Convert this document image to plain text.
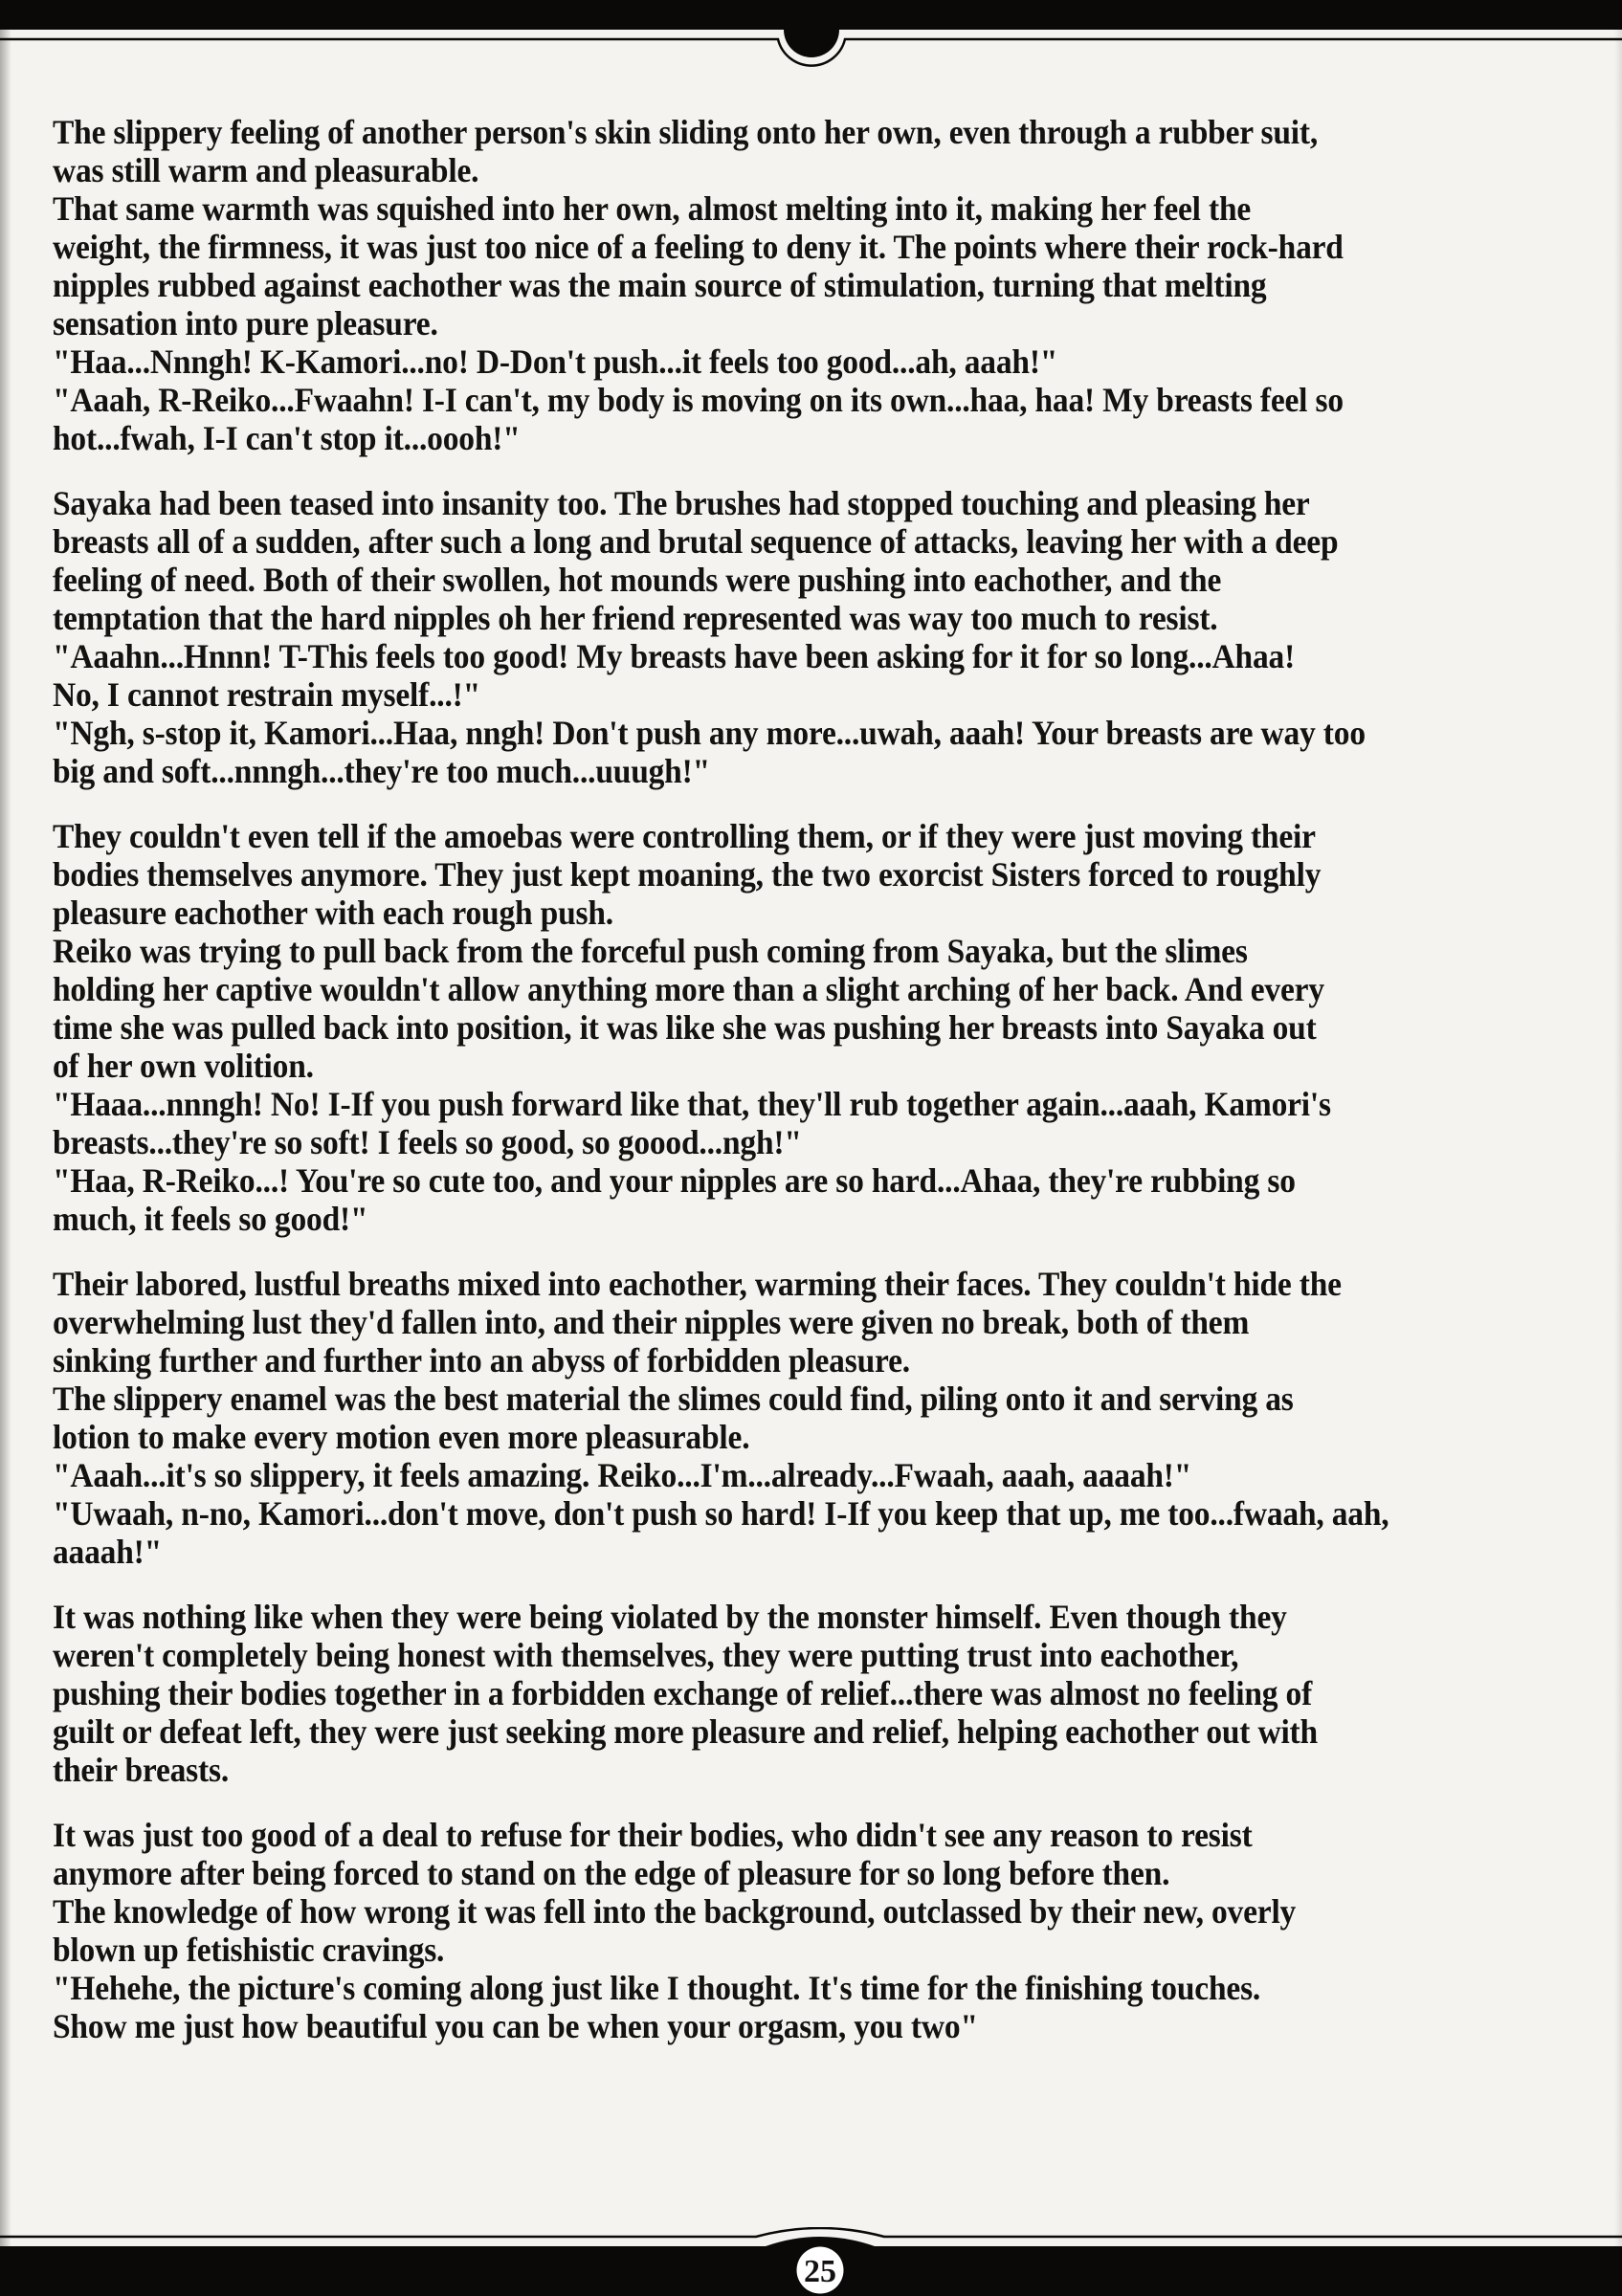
The slippery feeling of another person's skin sliding onto her own, even through a rubber suit,
was still warm and pleasurable.
That same warmth was squished into her own, almost melting into it, making her feel the
weight, the firmness, it was just too nice of a feeling to deny it. The points where their rock-hard
nipples rubbed against eachother was the main source of stimulation, turning that melting
sensation into pure pleasure.
"Haa...Nnngh! K-Kamori...no! D-Don't push...it feels too good...ah, aaah!"
"Aaah, R-Reiko...Fwaahn! I-I can't, my body is moving on its own...haa, haa! My breasts feel so
hot...fwah, I-I can't stop it...oooh!"
Sayaka had been teased into insanity too. The brushes had stopped touching and pleasing her
breasts all of a sudden, after such a long and brutal sequence of attacks, leaving her with a deep
feeling of need. Both of their swollen, hot mounds were pushing into eachother, and the
temptation that the hard nipples oh her friend represented was way too much to resist.
"Aaahn...Hnnn! T-This feels too good! My breasts have been asking for it for so long...Ahaa!
No, I cannot restrain myself...!"
"Ngh, s-stop it, Kamori...Haa, nngh! Don't push any more...uwah, aaah! Your breasts are way too
big and soft...nnngh...they're too much...uuugh!"
They couldn't even tell if the amoebas were controlling them, or if they were just moving their
bodies themselves anymore. They just kept moaning, the two exorcist Sisters forced to roughly
pleasure eachother with each rough push.
Reiko was trying to pull back from the forceful push coming from Sayaka, but the slimes
holding her captive wouldn't allow anything more than a slight arching of her back. And every
time she was pulled back into position, it was like she was pushing her breasts into Sayaka out
of her own volition.
"Haaa...nnngh! No! I-If you push forward like that, they'll rub together again...aaah, Kamori's
breasts...they're so soft! I feels so good, so goood...ngh!"
"Haa, R-Reiko...! You're so cute too, and your nipples are so hard...Ahaa, they're rubbing so
much, it feels so good!"
Their labored, lustful breaths mixed into eachother, warming their faces. They couldn't hide the
overwhelming lust they'd fallen into, and their nipples were given no break, both of them
sinking further and further into an abyss of forbidden pleasure.
The slippery enamel was the best material the slimes could find, piling onto it and serving as
lotion to make every motion even more pleasurable.
"Aaah...it's so slippery, it feels amazing. Reiko...I'm...already...Fwaah, aaah, aaaah!"
"Uwaah, n-no, Kamori...don't move, don't push so hard! I-If you keep that up, me too...fwaah, aah,
aaaah!"
It was nothing like when they were being violated by the monster himself. Even though they
weren't completely being honest with themselves, they were putting trust into eachother,
pushing their bodies together in a forbidden exchange of relief...there was almost no feeling of
guilt or defeat left, they were just seeking more pleasure and relief, helping eachother out with
their breasts.
It was just too good of a deal to refuse for their bodies, who didn't see any reason to resist
anymore after being forced to stand on the edge of pleasure for so long before then.
The knowledge of how wrong it was fell into the background, outclassed by their new, overly
blown up fetishistic cravings.
"Hehehe, the picture's coming along just like I thought. It's time for the finishing touches.
Show me just how beautiful you can be when your orgasm, you two"
25
